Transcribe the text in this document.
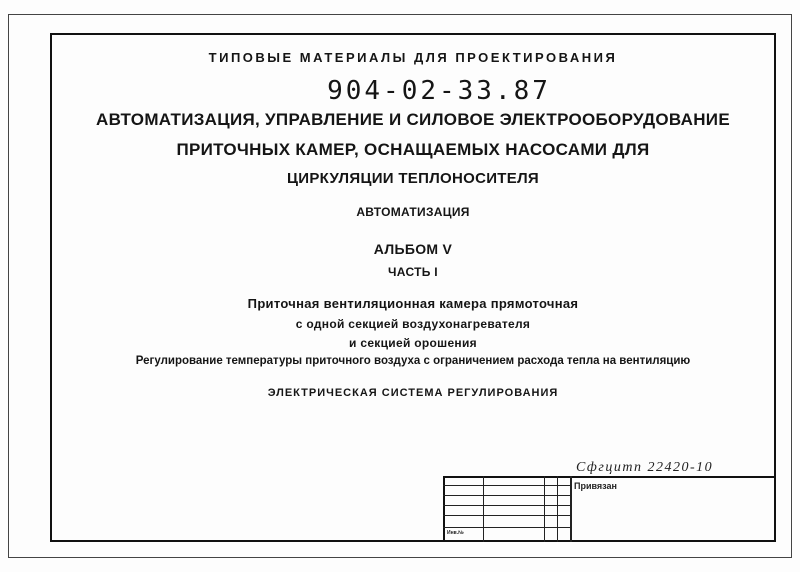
ТИПОВЫЕ МАТЕРИАЛЫ ДЛЯ ПРОЕКТИРОВАНИЯ
904-02-33.87
АВТОМАТИЗАЦИЯ, УПРАВЛЕНИЕ И СИЛОВОЕ ЭЛЕКТРООБОРУДОВАНИЕ
ПРИТОЧНЫХ КАМЕР, ОСНАЩАЕМЫХ НАСОСАМИ ДЛЯ
ЦИРКУЛЯЦИИ ТЕПЛОНОСИТЕЛЯ
АВТОМАТИЗАЦИЯ
АЛЬБОМ V
ЧАСТЬ I
Приточная вентиляционная камера прямоточная
с одной секцией воздухонагревателя
и секцией орошения
Регулирование температуры приточного воздуха с ограничением расхода тепла на вентиляцию
ЭЛЕКТРИЧЕСКАЯ СИСТЕМА РЕГУЛИРОВАНИЯ
Сфгцитп 22420-10
Привязан
Инв.№
